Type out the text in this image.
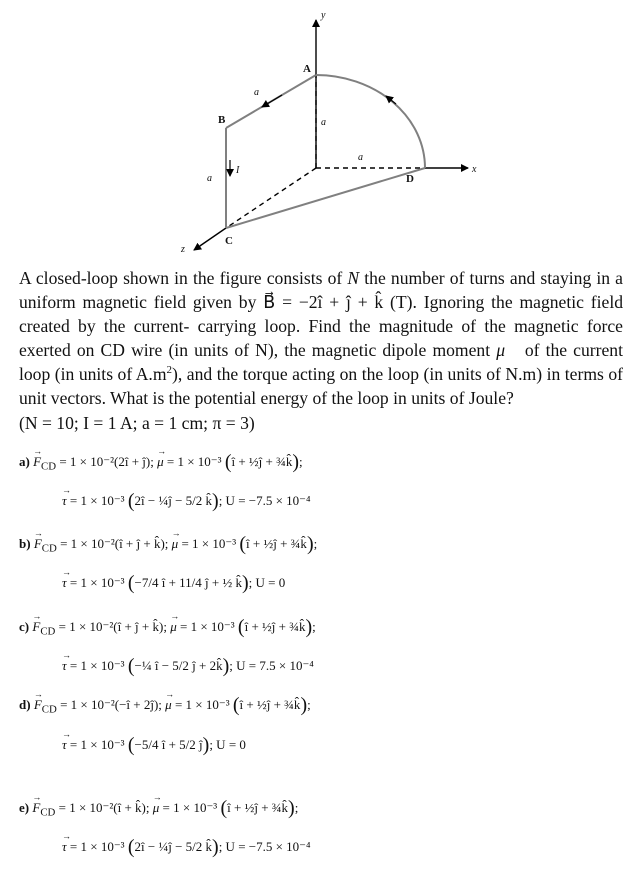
y
x
z
A
B
C
D
a
a
a
a
I

A closed-loop shown in the figure consists of N the number of turns and staying in a uniform magnetic field given by B⃗ = −2î + ĵ + k̂ (T). Ignoring the magnetic field created by the current- carrying loop. Find the magnitude of the magnetic force exerted on CD wire (in units of N), the magnetic dipole moment μ⃗ of the current loop (in units of $A.m^2$), and the torque acting on the loop (in units of N.m) in terms of unit vectors. What is the potential energy of the loop in units of Joule?
(N = 10; I = 1 A; a = 1 cm; π = 3)

$a) \to F_{CD} = 1$ × 10⁻²(2î + ĵ); → μ = 1 × 10⁻³ (î + ½ĵ + ¾k̂);
→ τ = 1 × 10⁻³ (2î − ¼ĵ − 5/2 k̂); U = −7.5 × 10⁻⁴
$b) \to F_{CD} = 1$ × 10⁻²(î + ĵ + k̂); → μ = 1 × 10⁻³ (î + ½ĵ + ¾k̂);
→ τ = 1 × 10⁻³ (−7/4 î + 11/4 ĵ + ½ k̂); U = 0
$c) \to F_{CD} = 1$ × 10⁻²(î + ĵ + k̂); → μ = 1 × 10⁻³ (î + ½ĵ + ¾k̂);
→ τ = 1 × 10⁻³ (−¼ î − 5/2 ĵ + 2k̂); U = 7.5 × 10⁻⁴
$d) \to F_{CD} = 1$ × 10⁻²(−î + 2ĵ); → μ = 1 × 10⁻³ (î + ½ĵ + ¾k̂);
→ τ = 1 × 10⁻³ (−5/4 î + 5/2 ĵ); U = 0
$e) \to F_{CD} = 1$ × 10⁻²(î + k̂); → μ = 1 × 10⁻³ (î + ½ĵ + ¾k̂);
→ τ = 1 × 10⁻³ (2î − ¼ĵ − 5/2 k̂); U = −7.5 × 10⁻⁴
